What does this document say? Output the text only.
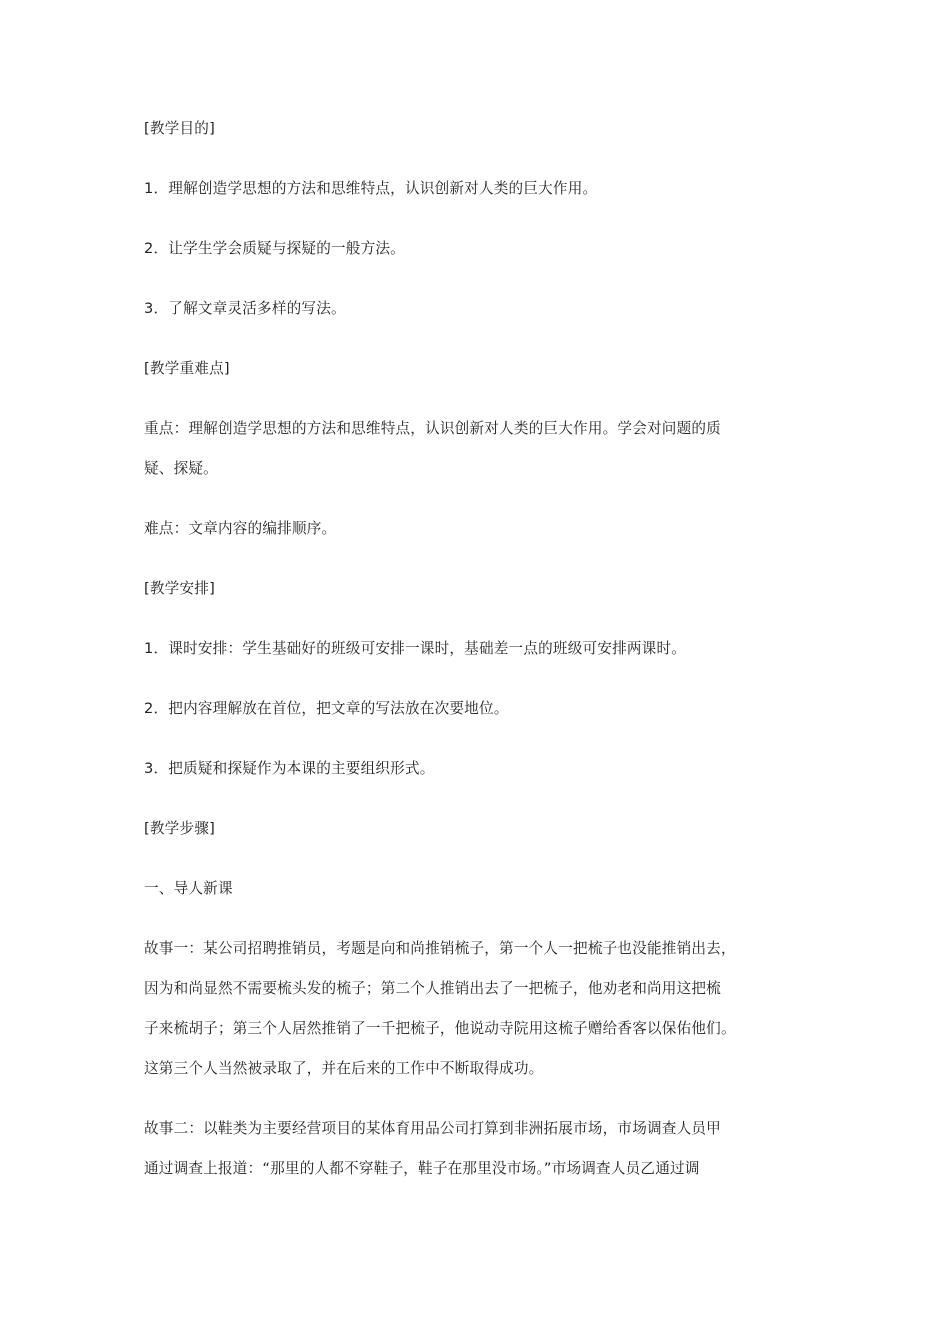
[教学目的]

1．理解创造学思想的方法和思维特点，认识创新对人类的巨大作用。

2．让学生学会质疑与探疑的一般方法。

3．了解文章灵活多样的写法。

[教学重难点]

重点：理解创造学思想的方法和思维特点，认识创新对人类的巨大作用。学会对问题的质
疑、探疑。

难点：文章内容的编排顺序。

[教学安排]

1．课时安排：学生基础好的班级可安排一课时，基础差一点的班级可安排两课时。

2．把内容理解放在首位，把文章的写法放在次要地位。

3．把质疑和探疑作为本课的主要组织形式。

[教学步骤]

一、导人新课

故事一：某公司招聘推销员，考题是向和尚推销梳子，第一个人一把梳子也没能推销出去，
因为和尚显然不需要梳头发的梳子；第二个人推销出去了一把梳子，他劝老和尚用这把梳
子来梳胡子；第三个人居然推销了一千把梳子，他说动寺院用这梳子赠给香客以保佑他们。
这第三个人当然被录取了，并在后来的工作中不断取得成功。
故事二：以鞋类为主要经营项目的某体育用品公司打算到非洲拓展市场，市场调查人员甲
通过调查上报道：“那里的人都不穿鞋子，鞋子在那里没市场。”市场调查人员乙通过调
